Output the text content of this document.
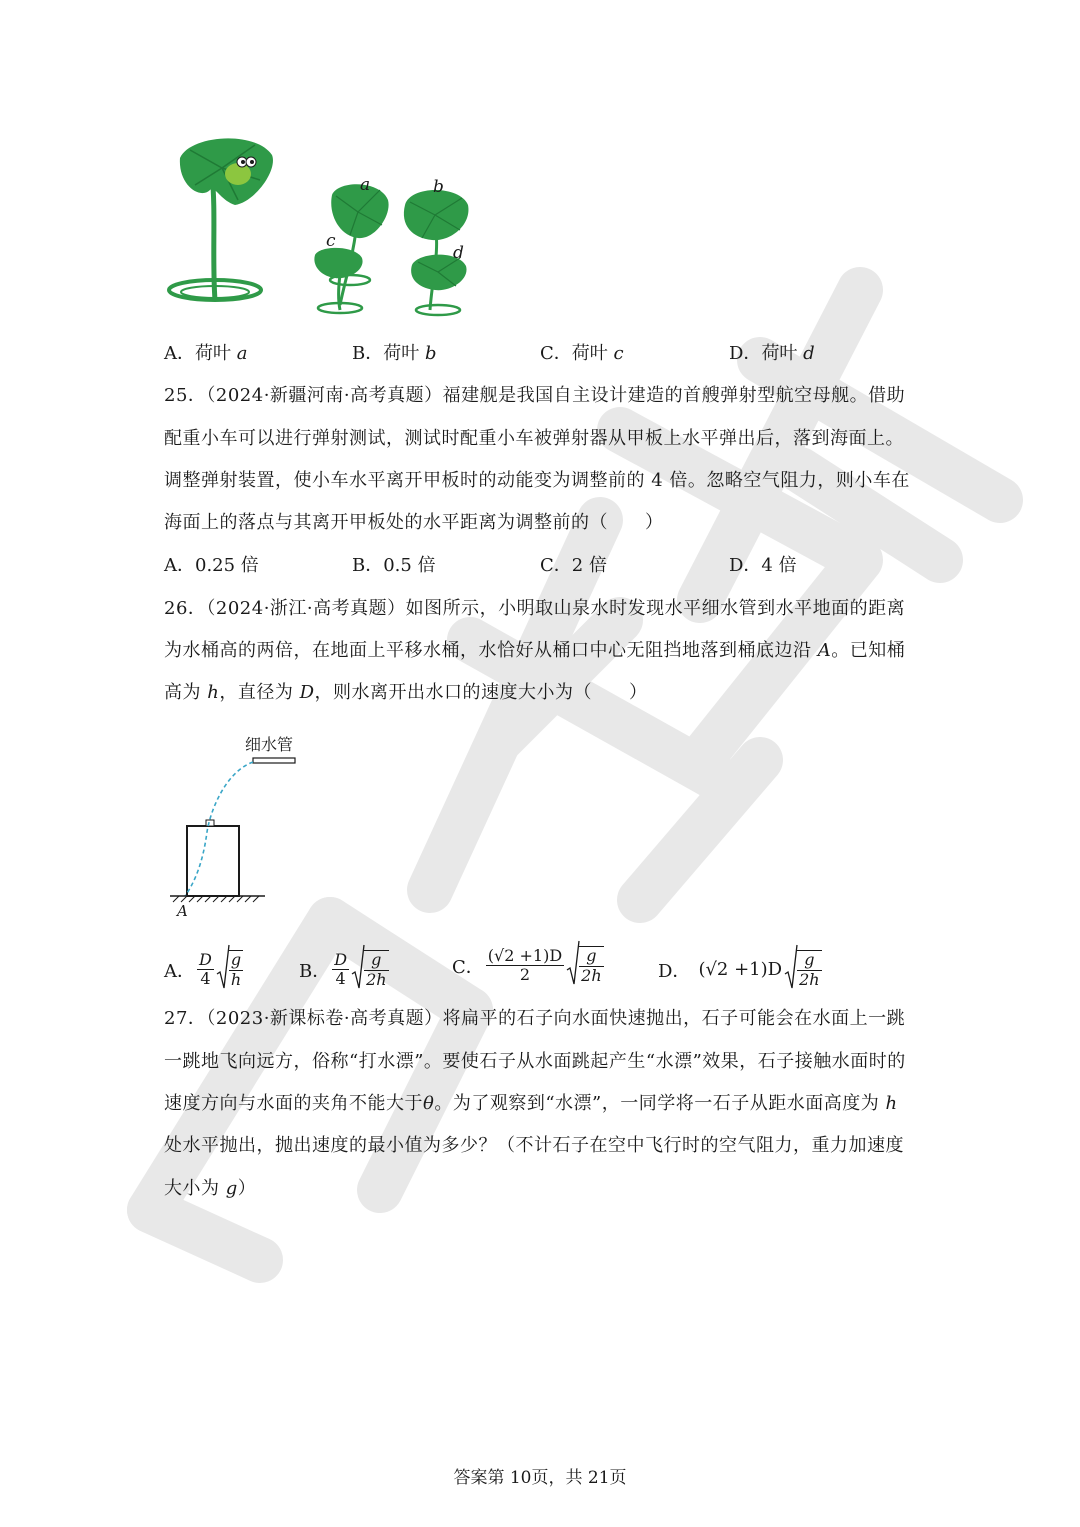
a
c
b
d
A．荷叶 a	B．荷叶 b	C．荷叶 c	D．荷叶 d
25．（2024·新疆河南·高考真题）福建舰是我国自主设计建造的首艘弹射型航空母舰。借助
配重小车可以进行弹射测试，测试时配重小车被弹射器从甲板上水平弹出后，落到海面上。
调整弹射装置，使小车水平离开甲板时的动能变为调整前的 4 倍。忽略空气阻力，则小车在
海面上的落点与其离开甲板处的水平距离为调整前的（　　）
A．0.25 倍	B．0.5 倍	C．2 倍	D．4 倍
26．（2024·浙江·高考真题）如图所示，小明取山泉水时发现水平细水管到水平地面的距离
为水桶高的两倍，在地面上平移水桶，水恰好从桶口中心无阻挡地落到桶底边沿 A。已知桶
高为 h，直径为 D，则水离开出水口的速度大小为（　　）
细水管
A
A． $\frac{D}{4} \frac{g}{h}$	B． $\frac{D}{4} \frac{g}{2h}$	C． $\frac{(√2 +1)D}{2} \frac{g}{2h}$	D． $(√2 +1)D \frac{g}{2h}$
27．（2023·新课标卷·高考真题）将扁平的石子向水面快速抛出，石子可能会在水面上一跳
一跳地飞向远方，俗称“打水漂”。要使石子从水面跳起产生“水漂”效果，石子接触水面时的
速度方向与水面的夹角不能大于θ。为了观察到“水漂”，一同学将一石子从距水面高度为 h
处水平抛出，抛出速度的最小值为多少？（不计石子在空中飞行时的空气阻力，重力加速度
大小为 g）
答案第 10页，共 21页
